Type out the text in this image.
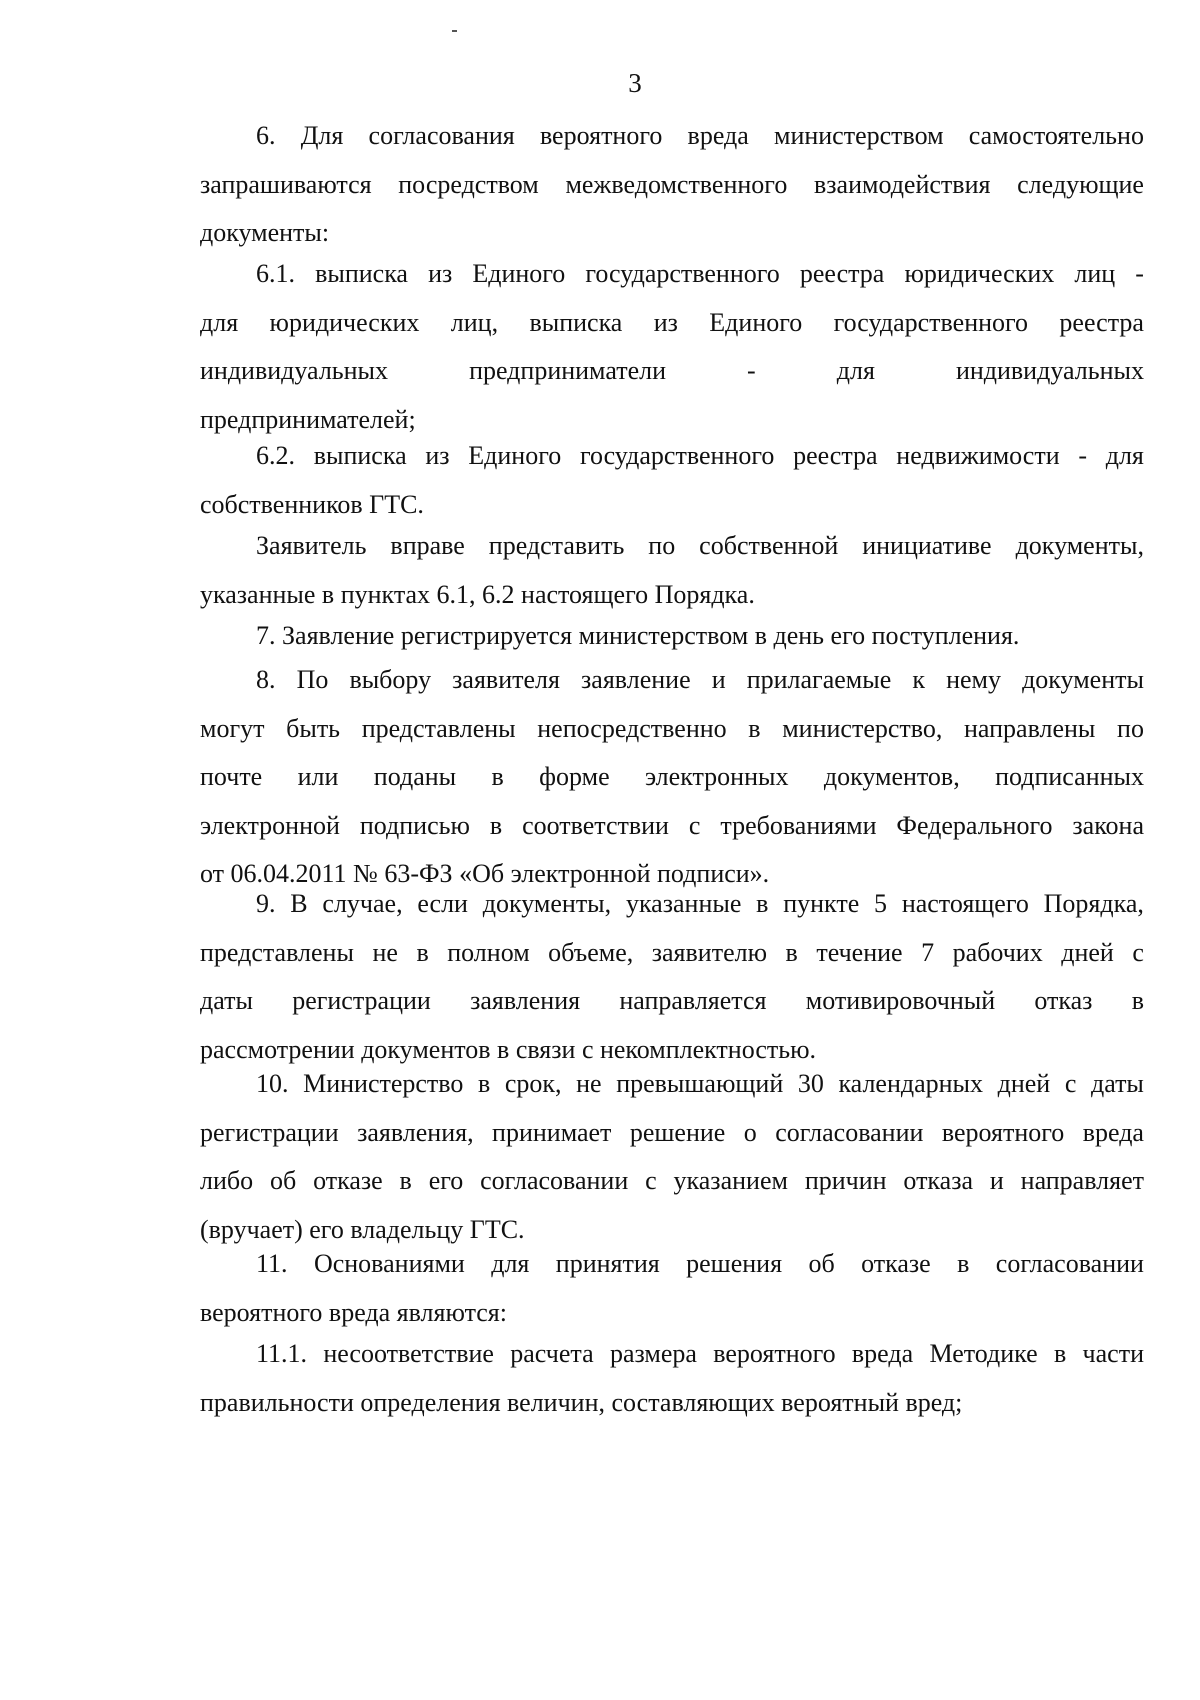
3
6. Для согласования вероятного вреда министерством самостоятельно
запрашиваются посредством межведомственного взаимодействия следующие
документы:
6.1. выписка из Единого государственного реестра юридических лиц -
для юридических лиц, выписка из Единого государственного реестра
индивидуальных	предприниматели	-	для	индивидуальных
предпринимателей;
6.2. выписка из Единого государственного реестра недвижимости - для
собственников ГТС.
Заявитель вправе представить по собственной инициативе документы,
указанные в пунктах 6.1, 6.2 настоящего Порядка.
7. Заявление регистрируется министерством в день его поступления.
8. По выбору заявителя заявление и прилагаемые к нему документы
могут быть представлены непосредственно в министерство, направлены по
почте или поданы в форме электронных документов, подписанных
электронной подписью в соответствии с требованиями Федерального закона
от 06.04.2011 № 63-ФЗ «Об электронной подписи».
9. В случае, если документы, указанные в пункте 5 настоящего Порядка,
представлены не в полном объеме, заявителю в течение 7 рабочих дней с
даты регистрации заявления направляется мотивировочный отказ в
рассмотрении документов в связи с некомплектностью.
10. Министерство в срок, не превышающий 30 календарных дней с даты
регистрации заявления, принимает решение о согласовании вероятного вреда
либо об отказе в его согласовании с указанием причин отказа и направляет
(вручает) его владельцу ГТС.
11. Основаниями для принятия решения об отказе в согласовании
вероятного вреда являются:
11.1. несоответствие расчета размера вероятного вреда Методике в части
правильности определения величин, составляющих вероятный вред;
